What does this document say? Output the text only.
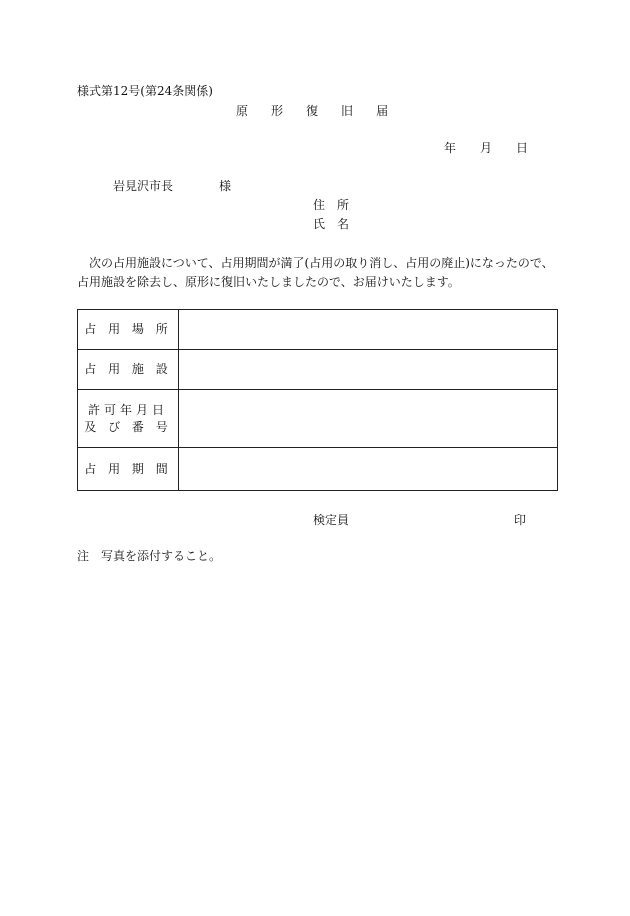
様式第12号(第24条関係)
原 形 復 旧 届
年 月 日
岩見沢市長	様
住所
氏名
次の占用施設について、占用期間が満了(占用の取り消し、占用の廃止)になったので、占用施設を除去し、原形に復旧いたしましたので、お届けいたします。
占 用 場 所	

占 用 施 設	

許可年月日
及 び 番 号	

占 用 期 間	

検定員	印
注　写真を添付すること。
